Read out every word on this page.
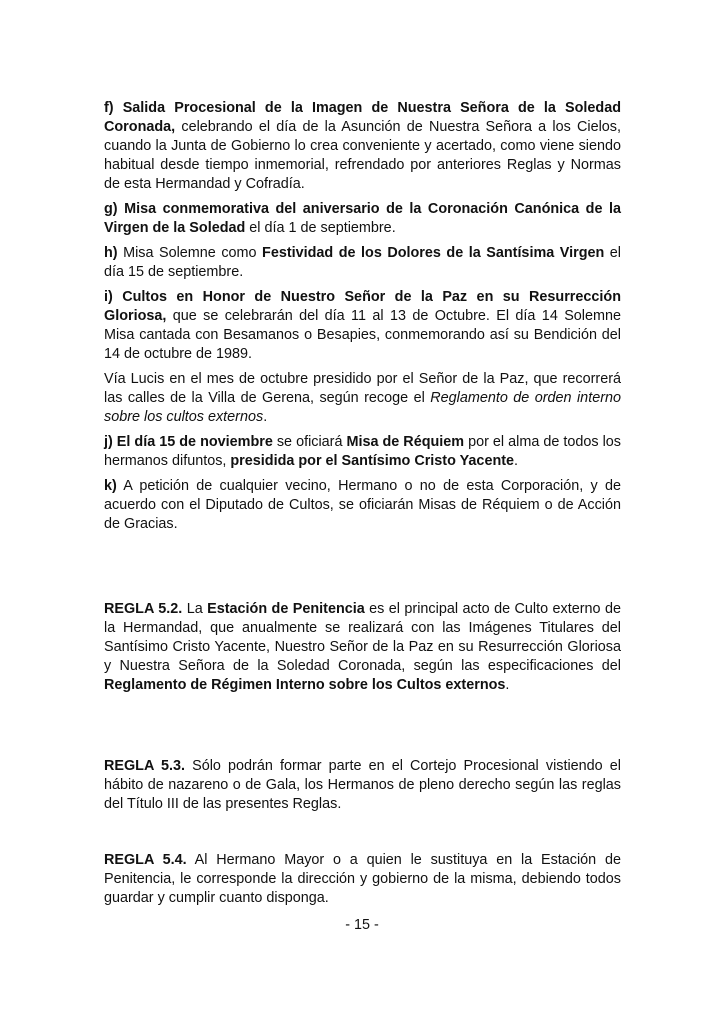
f) Salida Procesional de la Imagen de Nuestra Señora de la Soledad Coronada, celebrando el día de la Asunción de Nuestra Señora a los Cielos, cuando la Junta de Gobierno lo crea conveniente y acertado, como viene siendo habitual desde tiempo inmemorial, refrendado por anteriores Reglas y Normas de esta Hermandad y Cofradía.

g) Misa conmemorativa del aniversario de la Coronación Canónica de la Virgen de la Soledad el día 1 de septiembre.

h) Misa Solemne como Festividad de los Dolores de la Santísima Virgen el día 15 de septiembre.

i) Cultos en Honor de Nuestro Señor de la Paz en su Resurrección Gloriosa, que se celebrarán del día 11 al 13 de Octubre. El día 14 Solemne Misa cantada con Besamanos o Besapies, conmemorando así su Bendición del 14 de octubre de 1989.

Vía Lucis en el mes de octubre presidido por el Señor de la Paz, que recorrerá las calles de la Villa de Gerena, según recoge el Reglamento de orden interno sobre los cultos externos.

j) El día 15 de noviembre se oficiará Misa de Réquiem por el alma de todos los hermanos difuntos, presidida por el Santísimo Cristo Yacente.

k) A petición de cualquier vecino, Hermano o no de esta Corporación, y de acuerdo con el Diputado de Cultos, se oficiarán Misas de Réquiem o de Acción de Gracias.

REGLA 5.2. La Estación de Penitencia es el principal acto de Culto externo de la Hermandad, que anualmente se realizará con las Imágenes Titulares del Santísimo Cristo Yacente, Nuestro Señor de la Paz en su Resurrección Gloriosa y Nuestra Señora de la Soledad Coronada, según las especificaciones del Reglamento de Régimen Interno sobre los Cultos externos.

REGLA 5.3. Sólo podrán formar parte en el Cortejo Procesional vistiendo el hábito de nazareno o de Gala, los Hermanos de pleno derecho según las reglas del Título III de las presentes Reglas.

REGLA 5.4. Al Hermano Mayor o a quien le sustituya en la Estación de Penitencia, le corresponde la dirección y gobierno de la misma, debiendo todos guardar y cumplir cuanto disponga.

- 15 -
